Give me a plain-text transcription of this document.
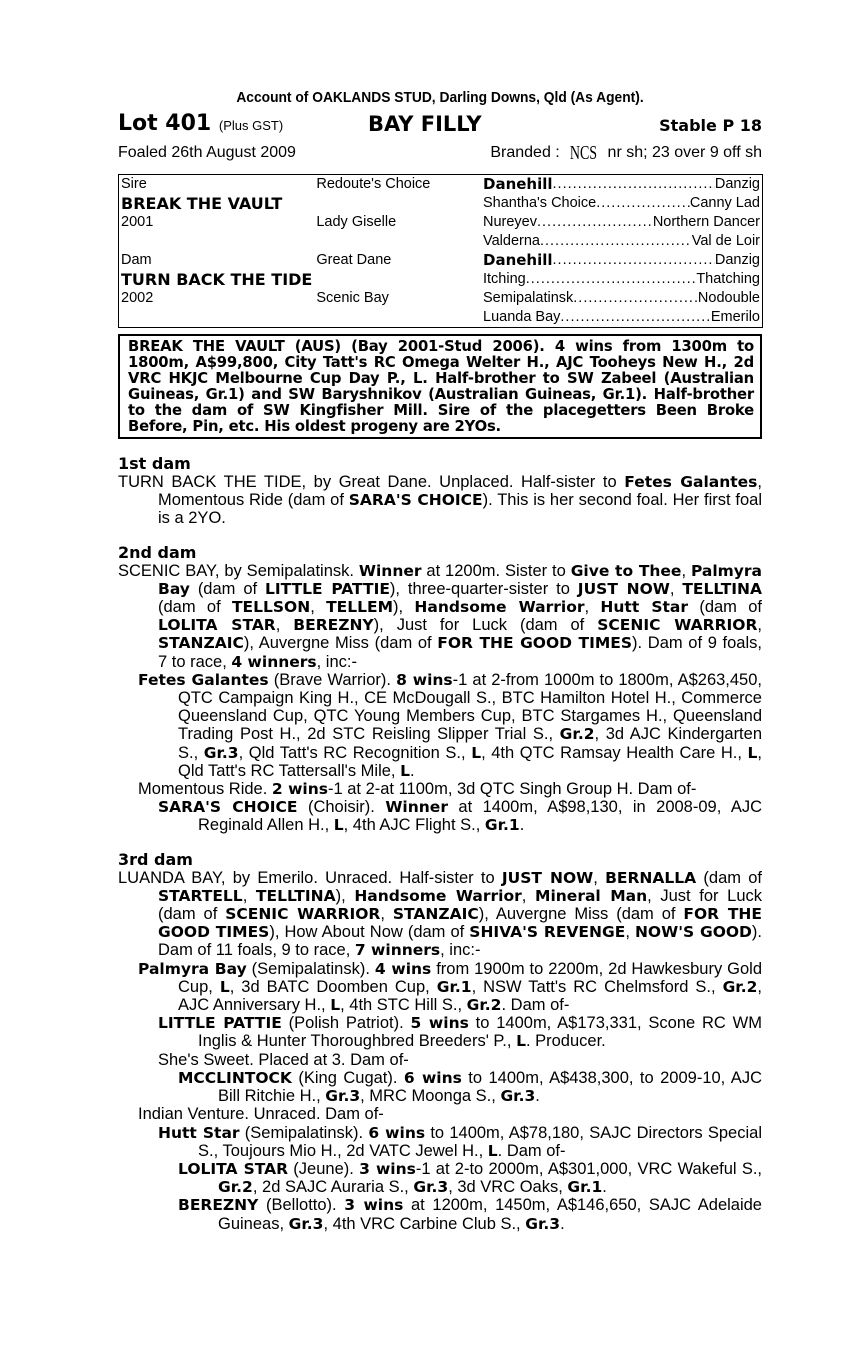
Account of OAKLANDS STUD, Darling Downs, Qld (As Agent).
Lot 401 (Plus GST)	BAY FILLY	Stable P 18
Foaled 26th August 2009	Branded : NCS nr sh; 23 over 9 off sh
Sire	Redoute's Choice	Danehill ..... Danzig

BREAK THE VAULT		Shantha's Choice ..... Canny Lad

2001	Lady Giselle	Nureyev ..... Northern Dancer

		Valderna ..... Val de Loir

Dam	Great Dane	Danehill ..... Danzig

TURN BACK THE TIDE		Itching ..... Thatching

2002	Scenic Bay	Semipalatinsk ..... Nodouble

		Luanda Bay ..... Emerilo
BREAK THE VAULT (AUS) (Bay 2001-Stud 2006). 4 wins from 1300m to 1800m, A$99,800, City Tatt's RC Omega Welter H., AJC Tooheys New H., 2d VRC HKJC Melbourne Cup Day P., L. Half-brother to SW Zabeel (Australian Guineas, Gr.1) and SW Baryshnikov (Australian Guineas, Gr.1). Half-brother to the dam of SW Kingfisher Mill. Sire of the placegetters Been Broke Before, Pin, etc. His oldest progeny are 2YOs.
1st dam
TURN BACK THE TIDE, by Great Dane. Unplaced. Half-sister to Fetes Galantes, Momentous Ride (dam of SARA'S CHOICE). This is her second foal. Her first foal is a 2YO.
2nd dam
SCENIC BAY, by Semipalatinsk. Winner at 1200m. Sister to Give to Thee, Palmyra Bay (dam of LITTLE PATTIE), three-quarter-sister to JUST NOW, TELLTINA (dam of TELLSON, TELLEM), Handsome Warrior, Hutt Star (dam of LOLITA STAR, BEREZNY), Just for Luck (dam of SCENIC WARRIOR, STANZAIC), Auvergne Miss (dam of FOR THE GOOD TIMES). Dam of 9 foals, 7 to race, 4 winners, inc:-
Fetes Galantes (Brave Warrior). 8 wins-1 at 2-from 1000m to 1800m, A$263,450, QTC Campaign King H., CE McDougall S., BTC Hamilton Hotel H., Commerce Queensland Cup, QTC Young Members Cup, BTC Stargames H., Queensland Trading Post H., 2d STC Reisling Slipper Trial S., Gr.2, 3d AJC Kindergarten S., Gr.3, Qld Tatt's RC Recognition S., L, 4th QTC Ramsay Health Care H., L, Qld Tatt's RC Tattersall's Mile, L.
Momentous Ride. 2 wins-1 at 2-at 1100m, 3d QTC Singh Group H. Dam of-
SARA'S CHOICE (Choisir). Winner at 1400m, A$98,130, in 2008-09, AJC Reginald Allen H., L, 4th AJC Flight S., Gr.1.
3rd dam
LUANDA BAY, by Emerilo. Unraced. Half-sister to JUST NOW, BERNALLA (dam of STARTELL, TELLTINA), Handsome Warrior, Mineral Man, Just for Luck (dam of SCENIC WARRIOR, STANZAIC), Auvergne Miss (dam of FOR THE GOOD TIMES), How About Now (dam of SHIVA'S REVENGE, NOW'S GOOD). Dam of 11 foals, 9 to race, 7 winners, inc:-
Palmyra Bay (Semipalatinsk). 4 wins from 1900m to 2200m, 2d Hawkesbury Gold Cup, L, 3d BATC Doomben Cup, Gr.1, NSW Tatt's RC Chelmsford S., Gr.2, AJC Anniversary H., L, 4th STC Hill S., Gr.2. Dam of-
LITTLE PATTIE (Polish Patriot). 5 wins to 1400m, A$173,331, Scone RC WM Inglis & Hunter Thoroughbred Breeders' P., L. Producer.
She's Sweet. Placed at 3. Dam of-
MCCLINTOCK (King Cugat). 6 wins to 1400m, A$438,300, to 2009-10, AJC Bill Ritchie H., Gr.3, MRC Moonga S., Gr.3.
Indian Venture. Unraced. Dam of-
Hutt Star (Semipalatinsk). 6 wins to 1400m, A$78,180, SAJC Directors Special S., Toujours Mio H., 2d VATC Jewel H., L. Dam of-
LOLITA STAR (Jeune). 3 wins-1 at 2-to 2000m, A$301,000, VRC Wakeful S., Gr.2, 2d SAJC Auraria S., Gr.3, 3d VRC Oaks, Gr.1.
BEREZNY (Bellotto). 3 wins at 1200m, 1450m, A$146,650, SAJC Adelaide Guineas, Gr.3, 4th VRC Carbine Club S., Gr.3.
